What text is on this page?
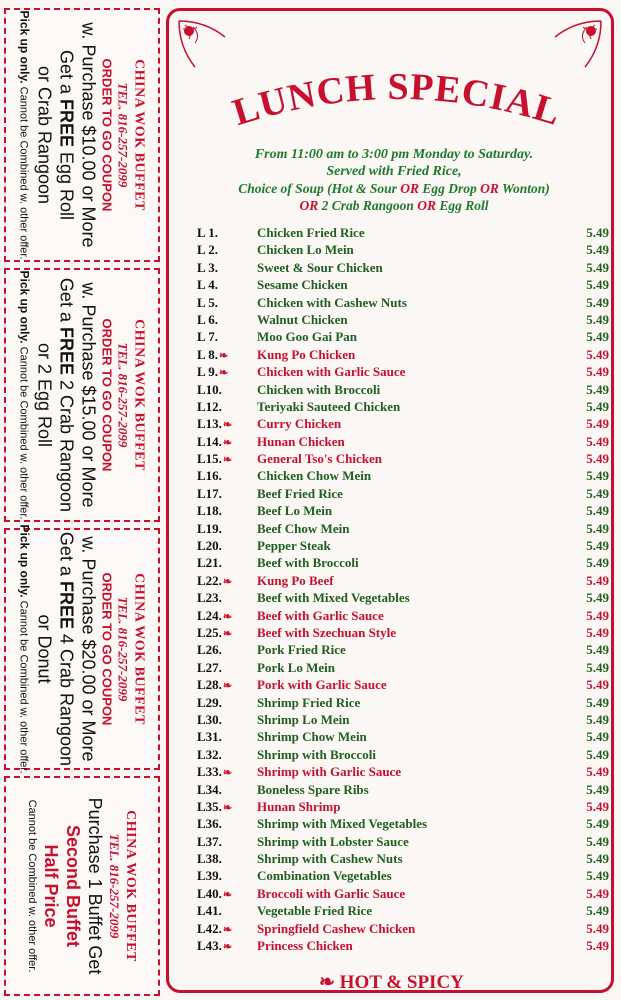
CHINA WOK BUFFET
TEL. 816-257-2099
ORDER TO GO COUPON
w. Purchase $10.00 or More
Get a FREE Egg Roll
or Crab Rangoon
Pick up only. Cannot be Combined w. other offer.
CHINA WOK BUFFET
TEL. 816-257-2099
ORDER TO GO COUPON
w. Purchase $15.00 or More
Get a FREE 2 Crab Rangoon
or 2 Egg Roll
Pick up only. Cannot be Combined w. other offer.
CHINA WOK BUFFET
TEL. 816-257-2099
ORDER TO GO COUPON
w. Purchase $20.00 or More
Get a FREE 4 Crab Rangoon
or Donut
Pick up only. Cannot be Combined w. other offer.
CHINA WOK BUFFET
TEL. 816-257-2099
Purchase 1 Buffet Get
Second Buffet
Half Price
Cannot be Combined w. other offer.
LUNCH SPECIAL
From 11:00 am to 3:00 pm Monday to Saturday.
Served with Fried Rice,
Choice of Soup (Hot & Sour OR Egg Drop OR Wonton)
OR 2 Crab Rangoon OR Egg Roll
L 1.	Chicken Fried Rice .....	5.49
L 2.	Chicken Lo Mein .....	5.49
L 3.	Sweet & Sour Chicken .....	5.49
L 4.	Sesame Chicken .....	5.49
L 5.	Chicken with Cashew Nuts .....	5.49
L 6.	Walnut Chicken .....	5.49
L 7.	Moo Goo Gai Pan .....	5.49
L 8.❧	Kung Po Chicken .....	5.49
L 9.❧	Chicken with Garlic Sauce .....	5.49
L10.	Chicken with Broccoli .....	5.49
L12.	Teriyaki Sauteed Chicken .....	5.49
L13.❧	Curry Chicken .....	5.49
L14.❧	Hunan Chicken .....	5.49
L15.❧	General Tso's Chicken .....	5.49
L16.	Chicken Chow Mein .....	5.49
L17.	Beef Fried Rice .....	5.49
L18.	Beef Lo Mein .....	5.49
L19.	Beef Chow Mein .....	5.49
L20.	Pepper Steak .....	5.49
L21.	Beef with Broccoli .....	5.49
L22.❧	Kung Po Beef .....	5.49
L23.	Beef with Mixed Vegetables .....	5.49
L24.❧	Beef with Garlic Sauce .....	5.49
L25.❧	Beef with Szechuan Style .....	5.49
L26.	Pork Fried Rice .....	5.49
L27.	Pork Lo Mein .....	5.49
L28.❧	Pork with Garlic Sauce .....	5.49
L29.	Shrimp Fried Rice .....	5.49
L30.	Shrimp Lo Mein .....	5.49
L31.	Shrimp Chow Mein .....	5.49
L32.	Shrimp with Broccoli .....	5.49
L33.❧	Shrimp with Garlic Sauce .....	5.49
L34.	Boneless Spare Ribs .....	5.49
L35.❧	Hunan Shrimp .....	5.49
L36.	Shrimp with Mixed Vegetables .....	5.49
L37.	Shrimp with Lobster Sauce .....	5.49
L38.	Shrimp with Cashew Nuts .....	5.49
L39.	Combination Vegetables .....	5.49
L40.❧	Broccoli with Garlic Sauce .....	5.49
L41.	Vegetable Fried Rice .....	5.49
L42.❧	Springfield Cashew Chicken .....	5.49
L43.❧	Princess Chicken .....	5.49
❧ HOT & SPICY
